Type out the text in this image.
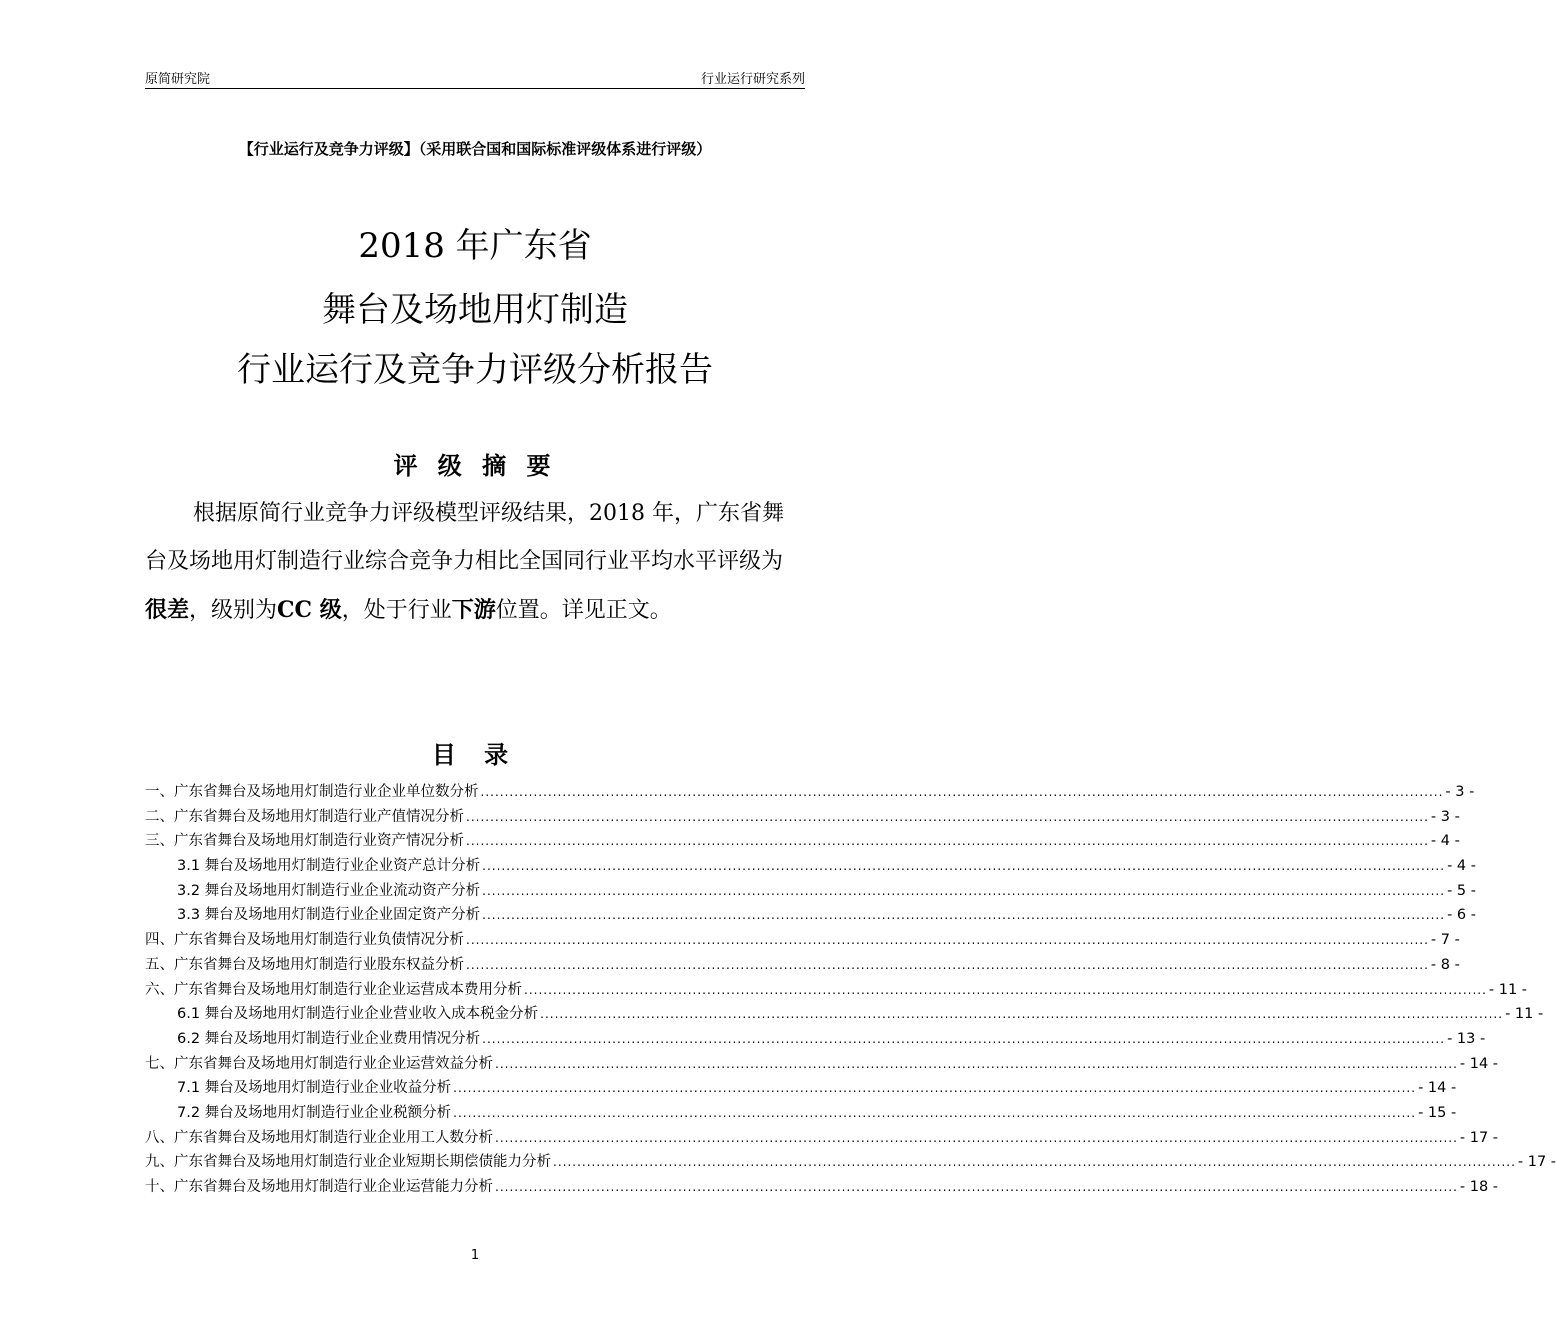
原简研究院	行业运行研究系列
【行业运行及竞争力评级】（采用联合国和国际标准评级体系进行评级）
2018 年广东省
舞台及场地用灯制造
行业运行及竞争力评级分析报告
评 级 摘 要
根据原简行业竞争力评级模型评级结果，2018 年，广东省舞台及场地用灯制造行业综合竞争力相比全国同行业平均水平评级为很差，级别为CC 级，处于行业下游位置。详见正文。
目 录
一、广东省舞台及场地用灯制造行业企业单位数分析 ........................................................................................................................................................................................................ - 3 -
二、广东省舞台及场地用灯制造行业产值情况分析 ........................................................................................................................................................................................................ - 3 -
三、广东省舞台及场地用灯制造行业资产情况分析 ........................................................................................................................................................................................................ - 4 -
3.1 舞台及场地用灯制造行业企业资产总计分析 ........................................................................................................................................................................................................ - 4 -
3.2 舞台及场地用灯制造行业企业流动资产分析 ........................................................................................................................................................................................................ - 5 -
3.3 舞台及场地用灯制造行业企业固定资产分析 ........................................................................................................................................................................................................ - 6 -
四、广东省舞台及场地用灯制造行业负债情况分析 ........................................................................................................................................................................................................ - 7 -
五、广东省舞台及场地用灯制造行业股东权益分析 ........................................................................................................................................................................................................ - 8 -
六、广东省舞台及场地用灯制造行业企业运营成本费用分析 ........................................................................................................................................................................................................ - 11 -
6.1 舞台及场地用灯制造行业企业营业收入成本税金分析 ........................................................................................................................................................................................................ - 11 -
6.2 舞台及场地用灯制造行业企业费用情况分析 ........................................................................................................................................................................................................ - 13 -
七、广东省舞台及场地用灯制造行业企业运营效益分析 ........................................................................................................................................................................................................ - 14 -
7.1 舞台及场地用灯制造行业企业收益分析 ........................................................................................................................................................................................................ - 14 -
7.2 舞台及场地用灯制造行业企业税额分析 ........................................................................................................................................................................................................ - 15 -
八、广东省舞台及场地用灯制造行业企业用工人数分析 ........................................................................................................................................................................................................ - 17 -
九、广东省舞台及场地用灯制造行业企业短期长期偿债能力分析 ........................................................................................................................................................................................................ - 17 -
十、广东省舞台及场地用灯制造行业企业运营能力分析 ........................................................................................................................................................................................................ - 18 -
1
